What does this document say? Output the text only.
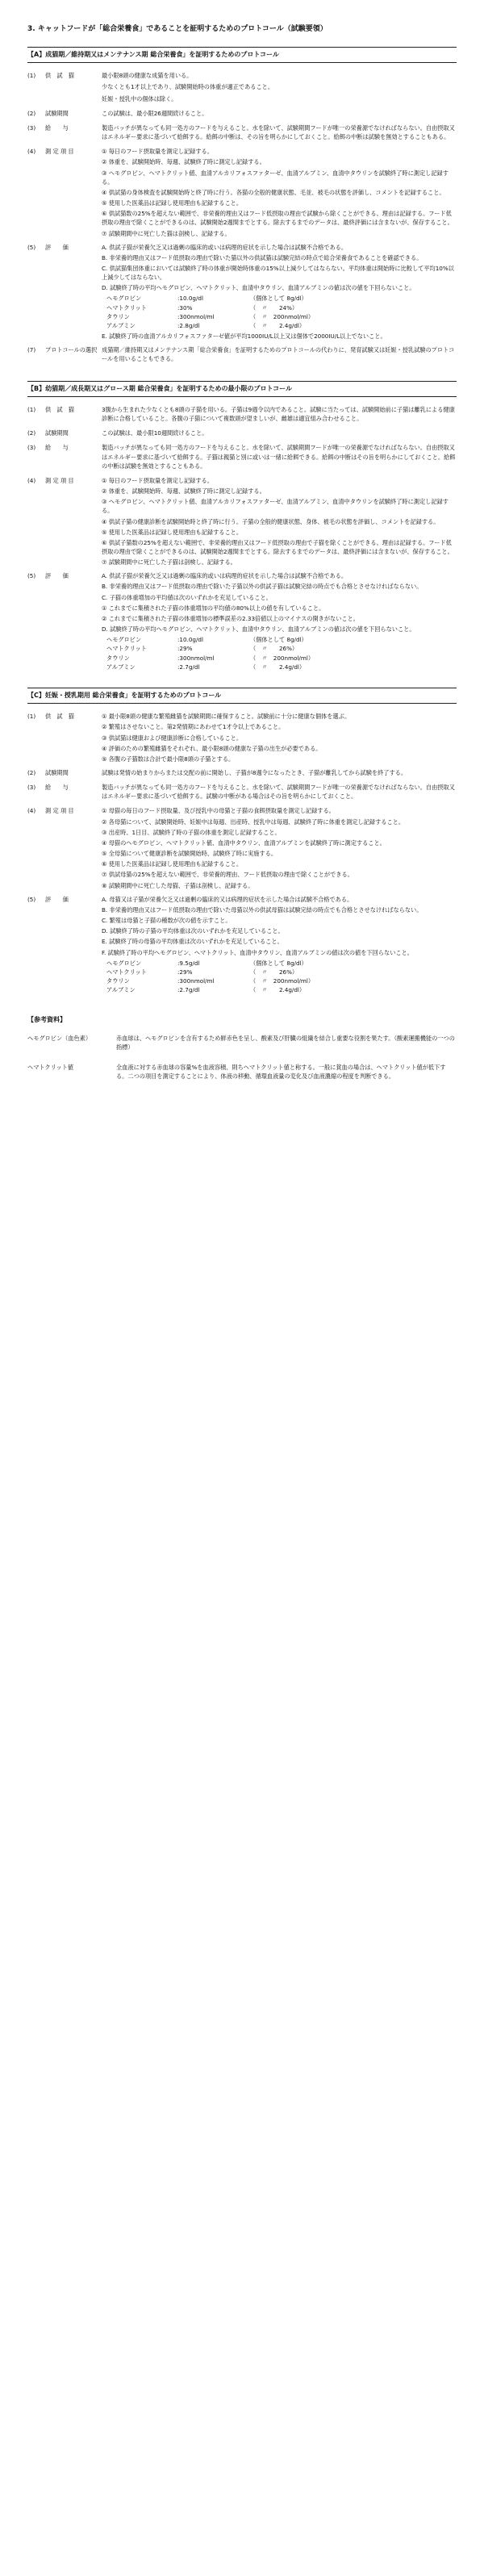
3. キャットフードが「総合栄養食」であることを証明するためのプロトコール（試験要領）
【A】成猫期／維持期又はメンテナンス期 総合栄養食」を証明するためのプロトコール
(1) 供　試　猫	最小限8頭の健康な成猫を用いる。

少なくとも1才以上であり、試験開始時の体重が適正であること。

妊娠・授乳中の個体は除く。

(2) 試験期間	この試験は、最小限26週間続けること。

(3) 給　　与	製造バッチが異なっても同一処方のフードを与えること。水を除いて、試験期間フードが唯一の栄養源でなければならない。自由摂取又はエネルギー要求に基づいて給餌する。給餌の中断は、その旨を明らかにしておくこと。給餌の中断は試験を無効とすることもある。

(4) 測 定 項 目	① 毎日のフード摂取量を測定し記録する。
② 体重を、試験開始時、毎週、試験終了時に測定し記録する。
③ ヘモグロビン、ヘマトクリット値、血清アルカリフォスファターゼ、血清アルブミン、血清中タウリンを試験終了時に測定し記録する。
④ 供試猫の身体検査を試験開始時と終了時に行う。各猫の全般的健康状態、毛並、被毛の状態を評価し、コメントを記録すること。
⑤ 使用した医薬品は記録し使用理由も記録すること。
⑥ 供試猫数の25%を超えない範囲で、非栄養的理由又はフード低摂取の理由で試験から除くことができる。理由は記録する。フード低摂取の理由で除くことができるのは、試験開始2週間までとする。除去するまでのデータは、最終評価には含まないが、保存すること。
⑦ 試験期間中に死亡した猫は剖検し、記録する。
(5) 評　　価	A. 供試子猫が栄養欠乏又は過剰の臨床的或いは病理的症状を示した場合は試験不合格である。
B. 非栄養的理由又はフード低摂取の理由で除いた猫以外の供試猫は試験完結の時点で総合栄養食であることを確認できる。
C. 供試猫集団体重においては試験終了時の体重が開始時体重の15%以上減少してはならない。平均体重は開始時に比較して平均10%以上減少してはならない。
D. 試験終了時の平均ヘモグロビン、ヘマトクリット、血清中タウリン、血清アルブミンの値は次の値を下回らないこと。
ヘモグロビン	:10.0g/dl	（個体として 8g/dl）
ヘマトクリット	:30%	（　〃　　24%）
タウリン	:300nmol/ml	（　〃　200nmol/ml）
アルブミン	:2.8g/dl	（　〃　　2.4g/dl）
E. 試験終了時の血清アルカリフォスファターゼ値が平均1000IU/L以上又は個体で2000IU/L以上でないこと。
(7) プロトコールの選択 成猫期／維持期又はメンテナンス期「総合栄養食」を証明するためのプロトコールの代わりに、発育試験又は妊娠・授乳試験のプロトコールを用いることもできる。

【B】幼猫期／成長期又はグロース期 総合栄養食」を証明するための最小限のプロトコール
(1) 供　試　猫	3腹から生まれた少なくとも8頭の子猫を用いる。子猫は9週令以内であること。試験に当たっては、試験開始前に子猫は離乳による健康診断に合格していること。各腹の子猫について複数頭が望ましいが、雌雄は適宜組み合わせること。

(2) 試験期間	この試験は、最小限10週間続けること。

(3) 給　　与	製造バッチが異なっても同一処方のフードを与えること。水を除いて、試験期間フードが唯一の栄養源でなければならない。自由摂取又はエネルギー要求に基づいて給餌する。子猫は親猫と別に或いは一緒に給餌できる。給餌の中断はその旨を明らかにしておくこと。給餌の中断は試験を無効とすることもある。

(4) 測 定 項 目	① 毎日のフード摂取量を測定し記録する。
② 体重を、試験開始時、毎週、試験終了時に測定し記録する。
③ ヘモグロビン、ヘマトクリット値、血清アルカリフォスファターゼ、血清アルブミン、血清中タウリンを試験終了時に測定し記録する。
④ 供試子猫の健康診断を試験開始時と終了時に行う。子猫の全般的健康状態、身体、被毛の状態を評価し、コメントを記録する。
⑤ 使用した医薬品は記録し使用理由も記録すること。
⑥ 供試子猫数の25%を超えない範囲で、非栄養的理由又はフード低摂取の理由で子猫を除くことができる。理由は記録する。フード低摂取の理由で除くことができるのは、試験開始2週間までとする。除去するまでのデータは、最終評価には含まないが、保存すること。
⑦ 試験期間中に死亡した子猫は剖検し、記録する。
(5) 評　　価	A. 供試子猫が栄養欠乏又は過剰の臨床的或いは病理的症状を示した場合は試験不合格である。
B. 非栄養的理由又はフード低摂取の理由で除いた子猫以外の供試子猫は試験完結の時点でも合格とさせなければならない。
C. 子猫の体重増加の平均値は次のいずれかを充足していること。
① これまでに集積された子猫の体重増加の平均値の80%以上の値を有していること。
② これまでに集積された子猫の体重増加の標準誤差の2.33倍値以上のマイナスの開きがないこと。
D. 試験終了時の平均ヘモグロビン、ヘマトクリット、血清中タウリン、血清アルブミンの値は次の値を下回らないこと。
ヘモグロビン	:10.0g/dl	（個体として 8g/dl）
ヘマトクリット	:29%	（　〃　　26%）
タウリン	:300nmol/ml	（　〃　200nmol/ml）
アルブミン	:2.7g/dl	（　〃　　2.4g/dl）
【C】妊娠・授乳期用 総合栄養食」を証明するためのプロトコール
(1) 供　試　猫	① 最小限8頭の健康な繁殖雌猫を試験期間に確保すること。試験前に十分に健康な個体を選ぶ。
② 繁殖はさせないこと。第2発情期にあわせて1才令以上であること。
③ 供試猫は健康および健康診断に合格していること。
④ 評価のための繁殖雌猫をそれぞれ、最小限8頭の健康な子猫の出生が必要である。
⑤ 各腹の子猫数は合計で最小限8頭の子猫とする。
(2) 試験期間	試験は発情の始まりからまたは交配の前に開始し、子猫が8週令になったとき、子猫が離乳してから試験を終了する。

(3) 給　　与	製造バッチが異なっても同一処方のフードを与えること。水を除いて、試験期間フードが唯一の栄養源でなければならない。自由摂取又はエネルギー要求に基づいて給餌する。試験の中断がある場合はその旨を明らかにしておくこと。

(4) 測 定 項 目	① 母猫の毎日のフード摂取量、及び授乳中の母猫と子猫の食餌摂取量を測定し記録する。
② 各母猫について、試験開始時、妊娠中は毎週、出産時、授乳中は毎週、試験終了時に体重を測定し記録すること。
③ 出産時、1日目、試験終了時の子猫の体重を測定し記録すること。
④ 母猫のヘモグロビン、ヘマトクリット値、血清中タウリン、血清アルブミンを試験終了時に測定すること。
⑤ 全母猫について健康診断を試験開始時、試験終了時に実施する。
⑥ 使用した医薬品は記録し使用理由も記録すること。
⑦ 供試母猫の25%を超えない範囲で、非栄養的理由、フード低摂取の理由で除くことができる。
⑧ 試験期間中に死亡した母猫、子猫は剖検し、記録する。
(5) 評　　価	A. 母猫又は子猫が栄養欠乏又は過剰の臨床的又は病理的症状を示した場合は試験不合格である。
B. 非栄養的理由又はフード低摂取の理由で除いた母猫以外の供試母猫は試験完結の時点でも合格とさせなければならない。
C. 繁殖は母猫と子猫の種数が次の値を示すこと。
D. 試験終了時の子猫の平均体重は次のいずれかを充足していること。
E. 試験終了時の母猫の平均体重は次のいずれかを充足していること。
F. 試験終了時の平均ヘモグロビン、ヘマトクリット、血清中タウリン、血清アルブミンの値は次の値を下回らないこと。
ヘモグロビン	:9.5g/dl	（個体として 8g/dl）
ヘマトクリット	:29%	（　〃　　26%）
タウリン	:300nmol/ml	（　〃　200nmol/ml）
アルブミン	:2.7g/dl	（　〃　　2.4g/dl）
【参考資料】
へモグロビン（血色素）	赤血球は、ヘモグロビンを含有するため鮮赤色を呈し、酸素及び肝臓の組織を結合し重要な役割を果たす。（酸素運搬機能の一つの指標）
ヘマトクリット値	全血液に対する赤血球の容量%を血液容積、則ちヘマトクリット値と称する。一般に貧血の場合は、ヘマトクリット値が低下する。二つの項目を測定することにより、体液の移動、循環血液量の変化及び血液濃縮の程度を判断できる。
